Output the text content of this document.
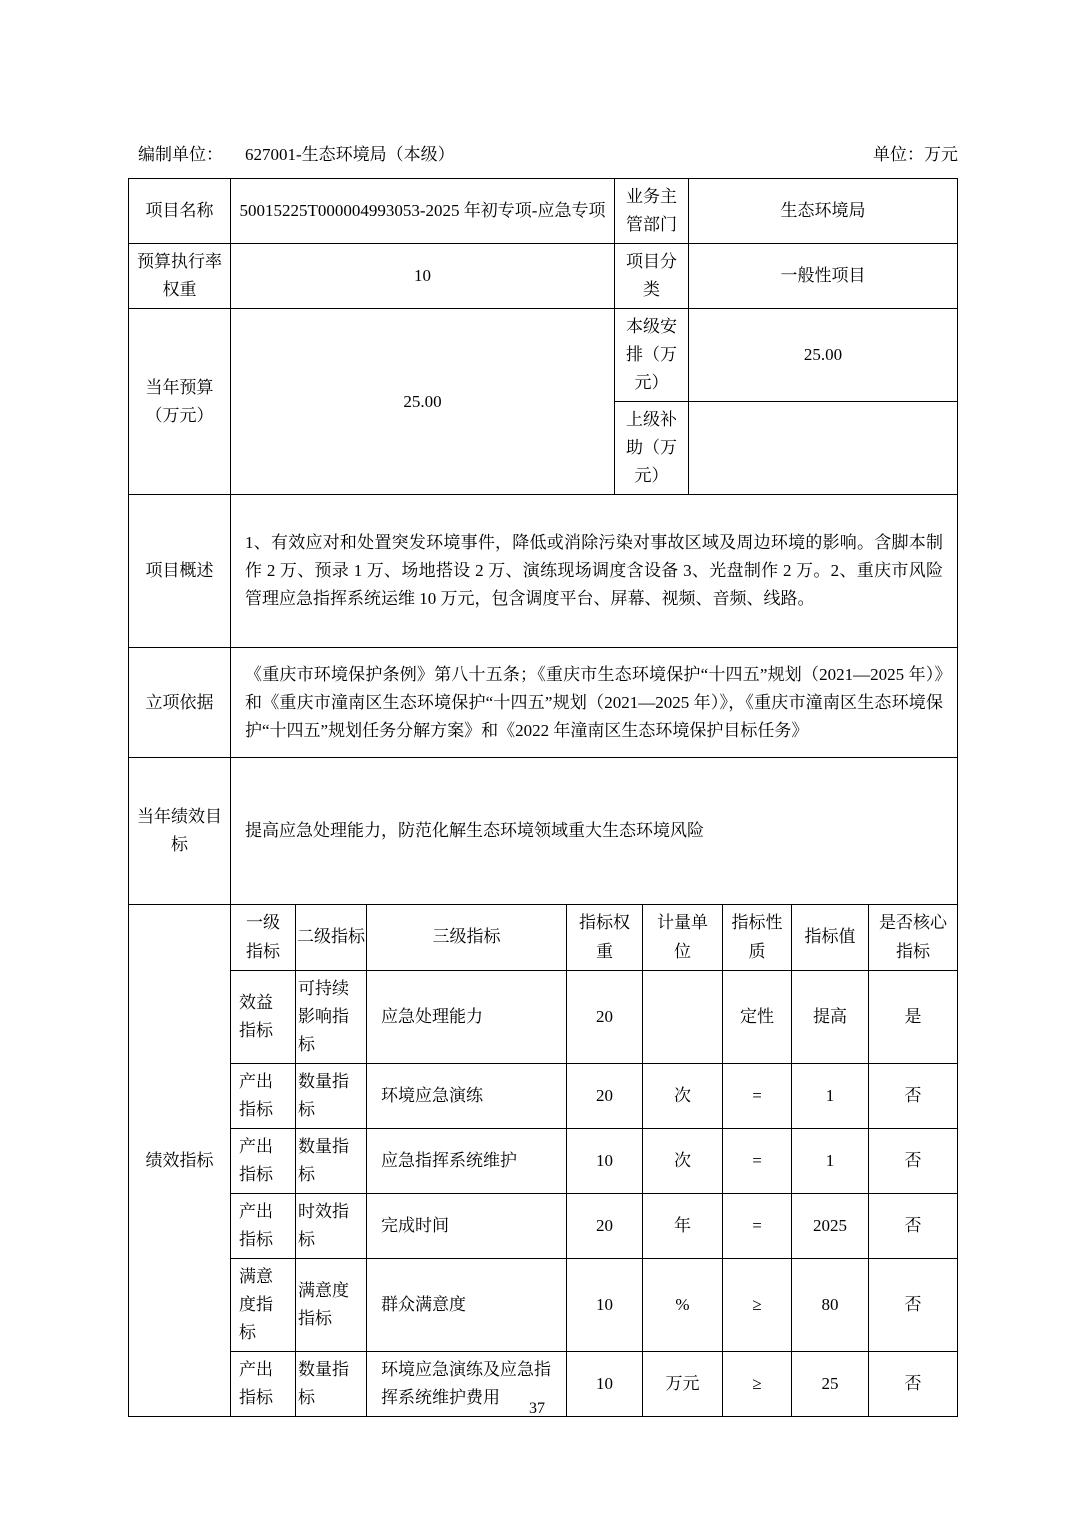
编制单位： 627001-生态环境局（本级）	单位：万元
项目名称	50015225T000004993053-2025 年初专项-应急专项	业务主管部门	生态环境局
预算执行率权重	10	项目分类	一般性项目
当年预算（万元）	25.00	本级安排（万元）	25.00
		上级补助（万元）	
项目概述	1、有效应对和处置突发环境事件，降低或消除污染对事故区域及周边环境的影响。含脚本制作 2 万、预录 1 万、场地搭设 2 万、演练现场调度含设备 3、光盘制作 2 万。2、重庆市风险管理应急指挥系统运维 10 万元，包含调度平台、屏幕、视频、音频、线路。		
立项依据	《重庆市环境保护条例》第八十五条；《重庆市生态环境保护“十四五”规划（2021—2025 年）》和《重庆市潼南区生态环境保护“十四五”规划（2021—2025 年）》，《重庆市潼南区生态环境保护“十四五”规划任务分解方案》和《2022 年潼南区生态环境保护目标任务》		
当年绩效目标	提高应急处理能力，防范化解生态环境领域重大生态环境风险		
绩效指标	一级指标	二级指标	三级指标	指标权重	计量单位	指标性质	指标值	是否核心指标
	效益指标	可持续影响指标	应急处理能力	20		定性	提高	是
	产出指标	数量指标	环境应急演练	20	次	=	1	否
	产出指标	数量指标	应急指挥系统维护	10	次	=	1	否
	产出指标	时效指标	完成时间	20	年	=	2025	否
	满意度指标	满意度指标	群众满意度	10	%	≥	80	否
	产出指标	数量指标	环境应急演练及应急指挥系统维护费用	10	万元	≥	25	否
37
